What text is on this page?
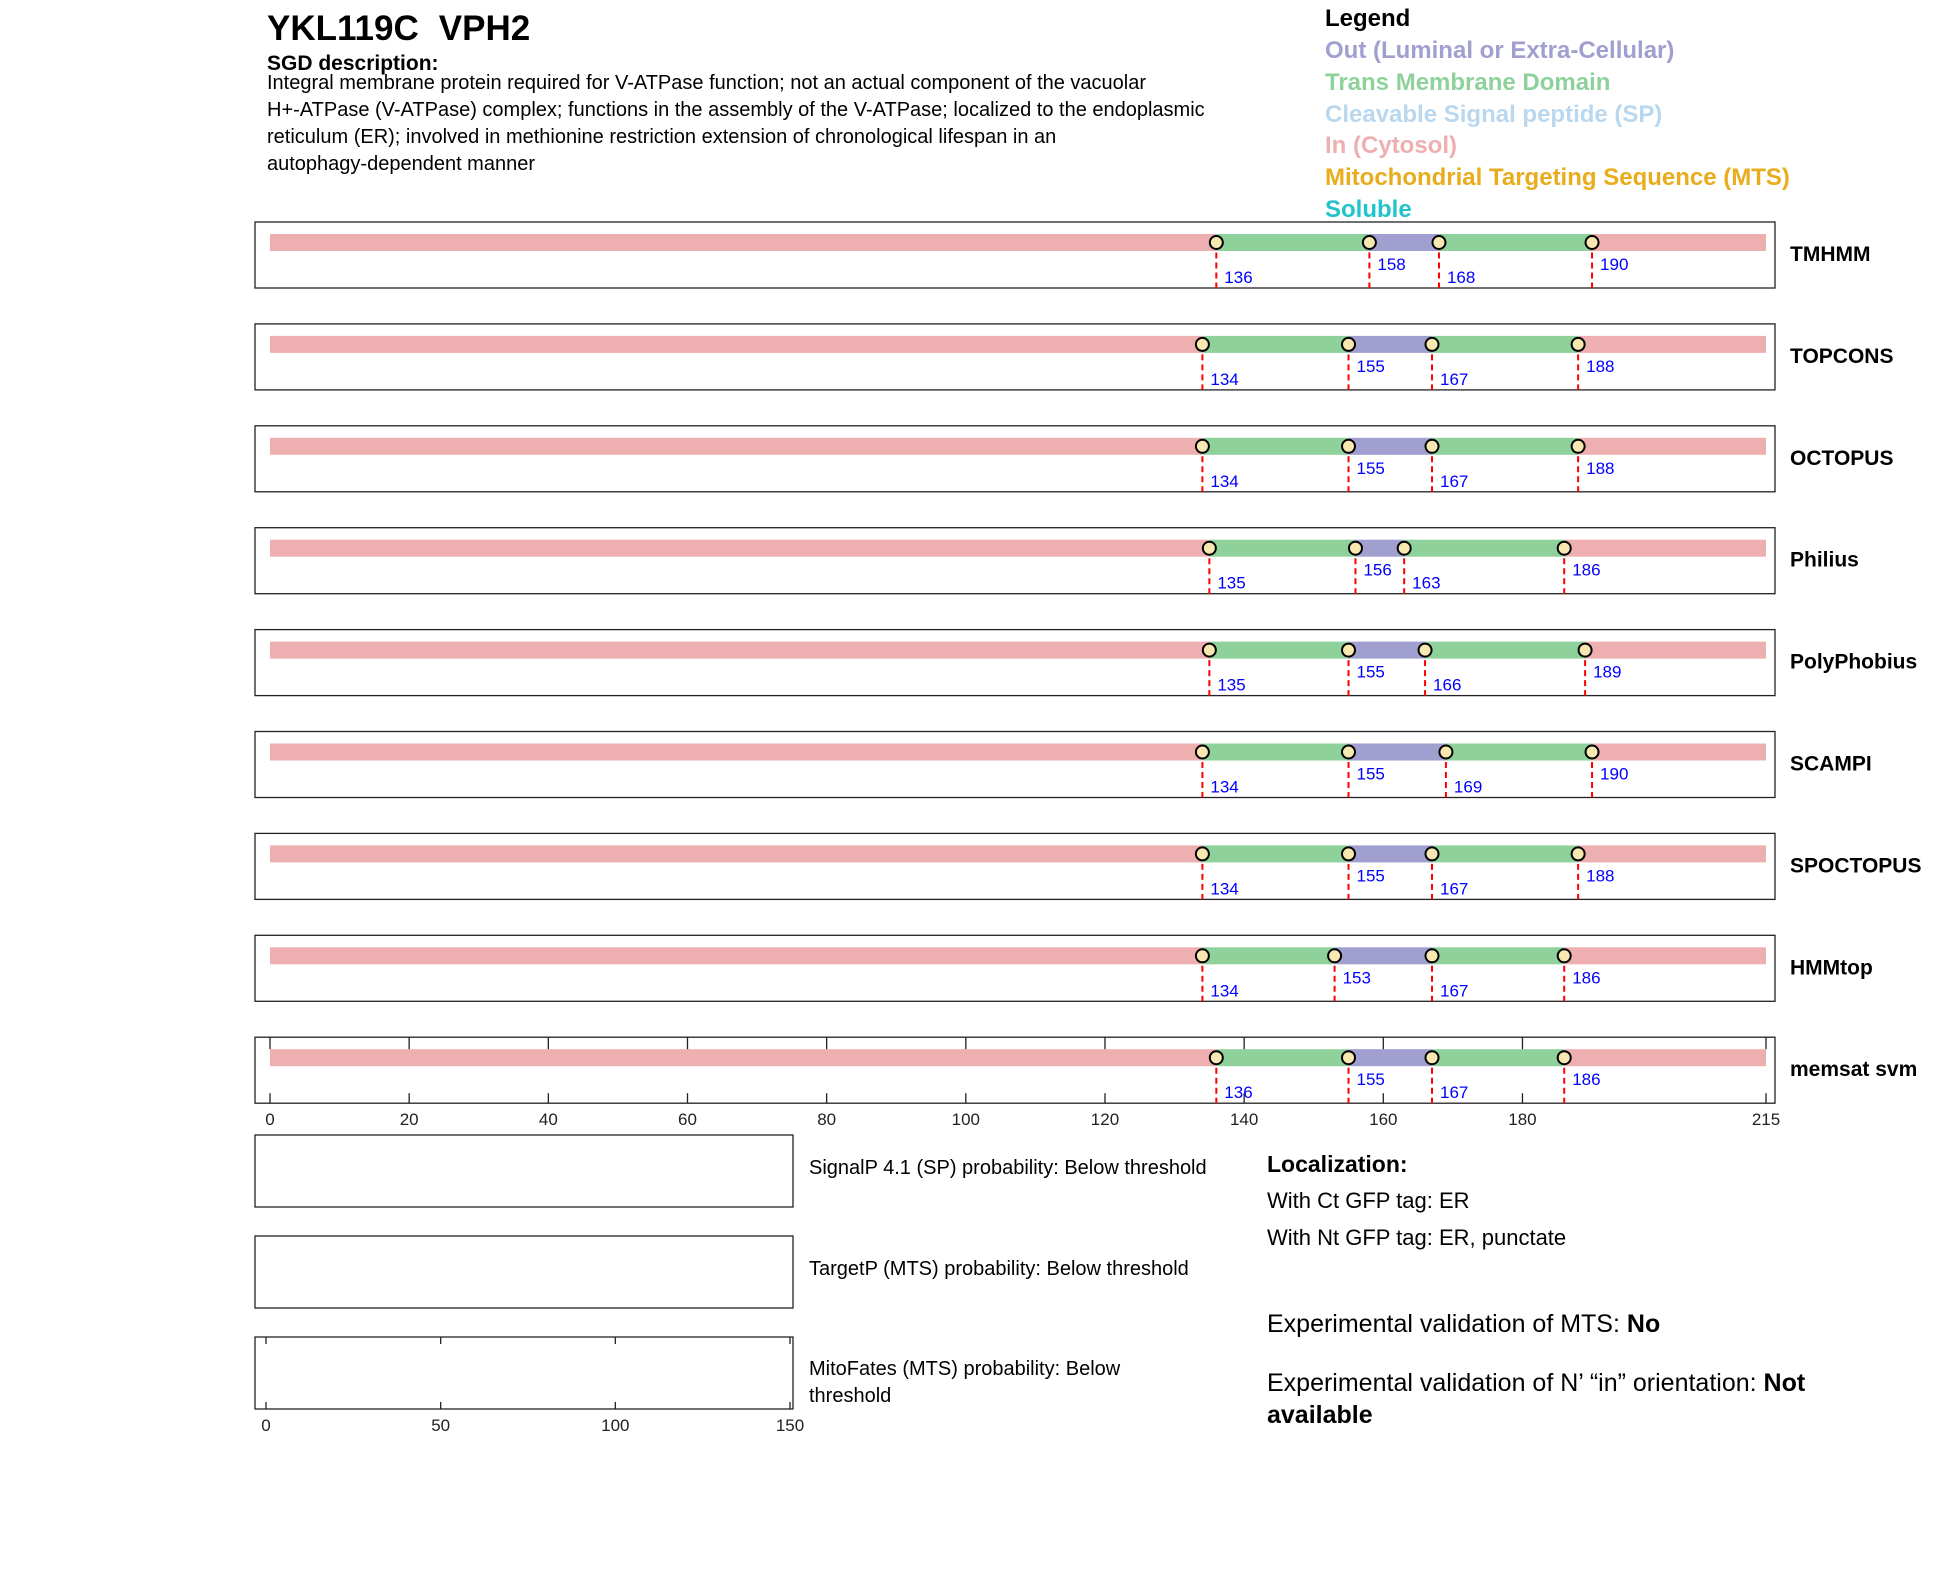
YKL119C VPH2
SGD description:
Integral membrane protein required for V-ATPase function; not an actual component of the vacuolar
H+-ATPase (V-ATPase) complex; functions in the assembly of the V-ATPase; localized to the endoplasmic
reticulum (ER); involved in methionine restriction extension of chronological lifespan in an
autophagy-dependent manner
Legend
Out (Luminal or Extra-Cellular)
Trans Membrane Domain
Cleavable Signal peptide (SP)
In (Cytosol)
Mitochondrial Targeting Sequence (MTS)
Soluble
136
158
168
190	TMHMM
134
155
167
188	TOPCONS
134
155
167
188	OCTOPUS
135
156
163
186	Philius
135
155
166
189	PolyPhobius
134
155
169
190	SCAMPI
134
155
167
188	SPOCTOPUS
134
153
167
186	HMMtop
136
155
167
186	memsat svm
0	20	40	60	80	100	120	140	160	180	215
SignalP 4.1 (SP) probability: Below threshold
TargetP (MTS) probability: Below threshold
MitoFates (MTS) probability: Below
threshold
0	50	100	150
Localization:
With Ct GFP tag: ER
With Nt GFP tag: ER, punctate
Experimental validation of MTS: No
Experimental validation of N’ “in” orientation: Not
available
